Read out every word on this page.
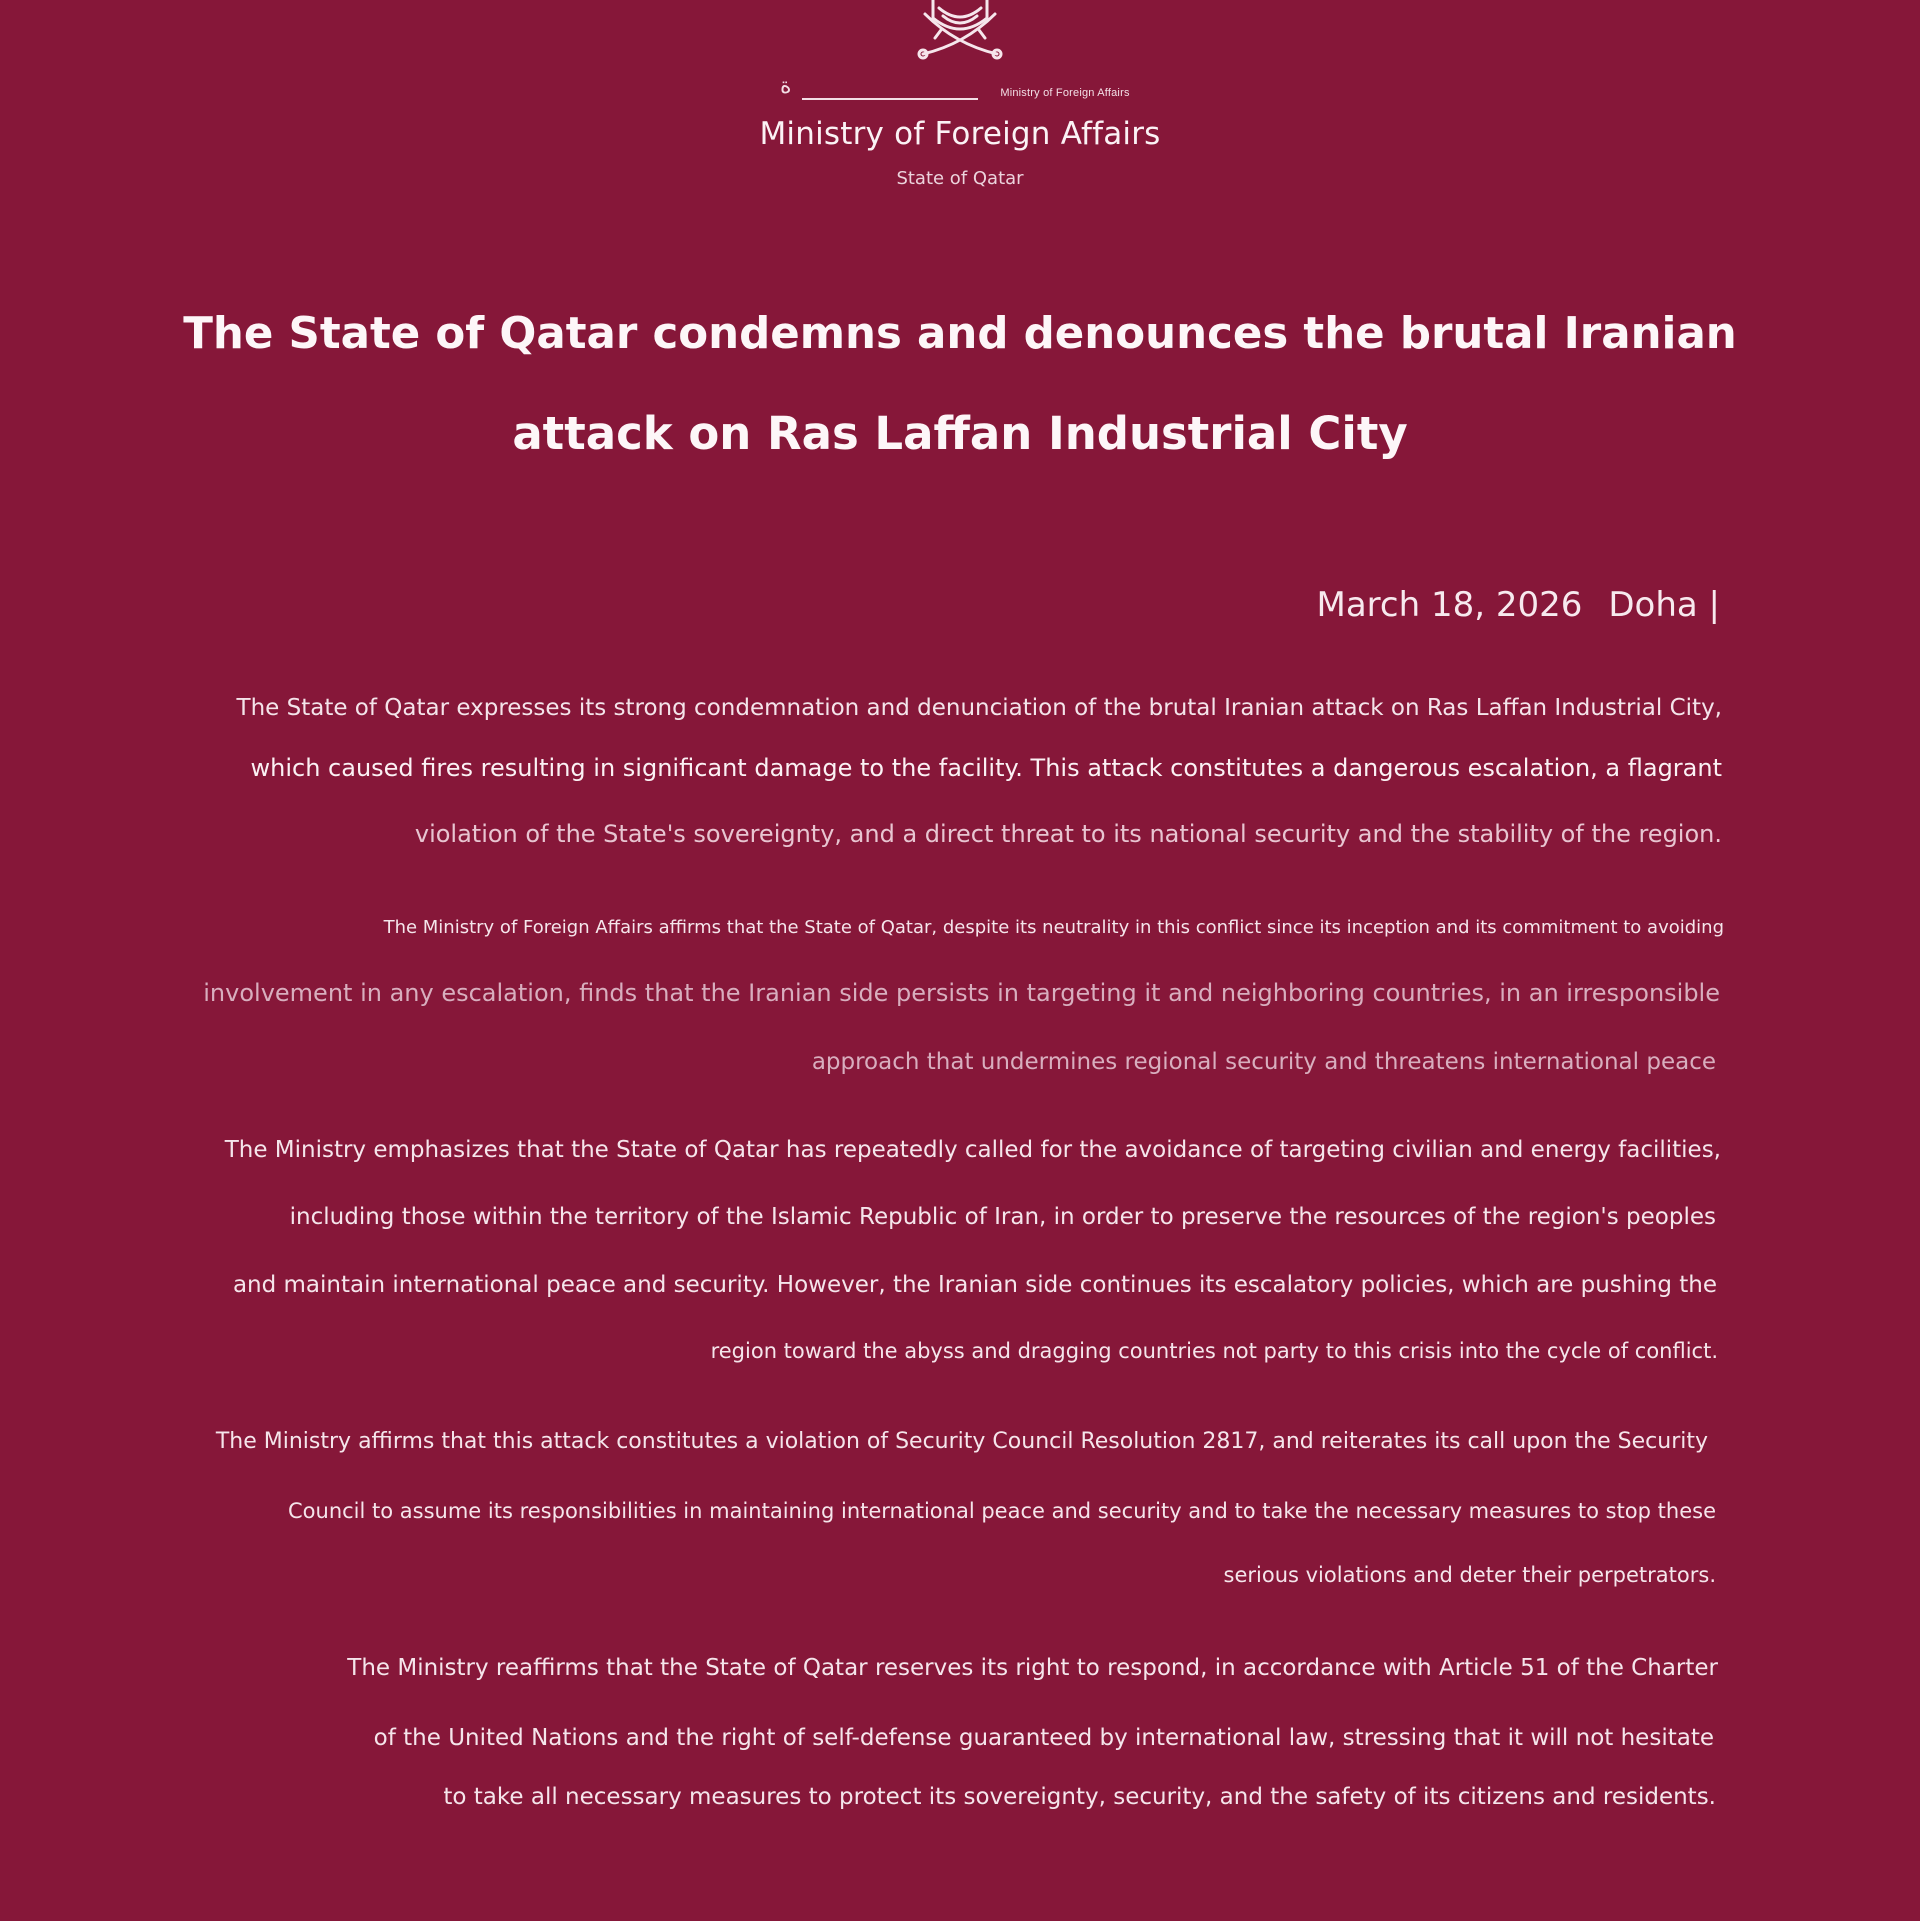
ة	Ministry of Foreign Affairs
Ministry of Foreign Affairs
State of Qatar
The State of Qatar condemns and denounces the brutal Iranian
attack on Ras Laffan Industrial City
March 18, 2026 Doha |
The State of Qatar expresses its strong condemnation and denunciation of the brutal Iranian attack on Ras Laffan Industrial City,
which caused fires resulting in significant damage to the facility. This attack constitutes a dangerous escalation, a flagrant
violation of the State's sovereignty, and a direct threat to its national security and the stability of the region.
The Ministry of Foreign Affairs affirms that the State of Qatar, despite its neutrality in this conflict since its inception and its commitment to avoiding
involvement in any escalation, finds that the Iranian side persists in targeting it and neighboring countries, in an irresponsible
approach that undermines regional security and threatens international peace
The Ministry emphasizes that the State of Qatar has repeatedly called for the avoidance of targeting civilian and energy facilities,
including those within the territory of the Islamic Republic of Iran, in order to preserve the resources of the region's peoples
and maintain international peace and security. However, the Iranian side continues its escalatory policies, which are pushing the
region toward the abyss and dragging countries not party to this crisis into the cycle of conflict.
The Ministry affirms that this attack constitutes a violation of Security Council Resolution 2817, and reiterates its call upon the Security
Council to assume its responsibilities in maintaining international peace and security and to take the necessary measures to stop these
serious violations and deter their perpetrators.
The Ministry reaffirms that the State of Qatar reserves its right to respond, in accordance with Article 51 of the Charter
of the United Nations and the right of self-defense guaranteed by international law, stressing that it will not hesitate
to take all necessary measures to protect its sovereignty, security, and the safety of its citizens and residents.
